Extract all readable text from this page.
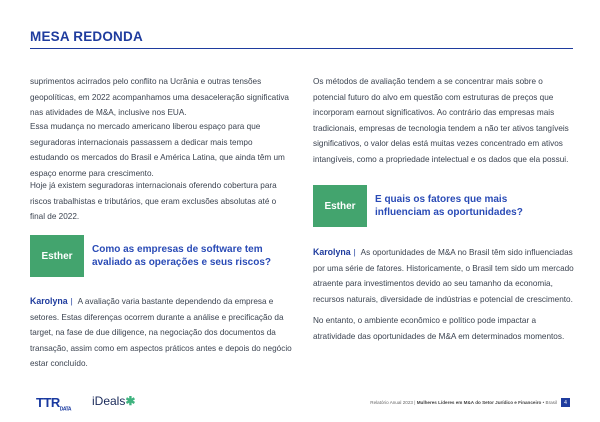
MESA REDONDA

suprimentos acirrados pelo conflito na Ucrânia e outras tensões geopolíticas, em 2022 acompanhamos uma desaceleração significativa nas atividades de M&A, inclusive nos EUA.

Essa mudança no mercado americano liberou espaço para que seguradoras internacionais passassem a dedicar mais tempo estudando os mercados do Brasil e América Latina, que ainda têm um espaço enorme para crescimento.

Hoje já existem seguradoras internacionais oferendo cobertura para riscos trabalhistas e tributários, que eram exclusões absolutas até o final de 2022.

Esther
Como as empresas de software tem avaliado as operações e seus riscos?

Karolyna | A avaliação varia bastante dependendo da empresa e setores. Estas diferenças ocorrem durante a análise e precificação da target, na fase de due diligence, na negociação dos documentos da transação, assim como em aspectos práticos antes e depois do negócio estar concluído.

Os métodos de avaliação tendem a se concentrar mais sobre o potencial futuro do alvo em questão com estruturas de preços que incorporam earnout significativos. Ao contrário das empresas mais tradicionais, empresas de tecnologia tendem a não ter ativos tangíveis significativos, o valor delas está muitas vezes concentrado em ativos intangíveis, como a propriedade intelectual e os dados que ela possui.

Esther
E quais os fatores que mais influenciam as oportunidades?

Karolyna | As oportunidades de M&A no Brasil têm sido influenciadas por uma série de fatores. Historicamente, o Brasil tem sido um mercado atraente para investimentos devido ao seu tamanho da economia, recursos naturais, diversidade de indústrias e potencial de crescimento.

No entanto, o ambiente econômico e político pode impactar a atratividade das oportunidades de M&A em determinados momentos.

$TTR_{DATA}$
iDeals✱	Relatório Anual 2023 |
Mulheres Líderes em M&A do Setor Jurídico e Financeiro
• Brasil	4
